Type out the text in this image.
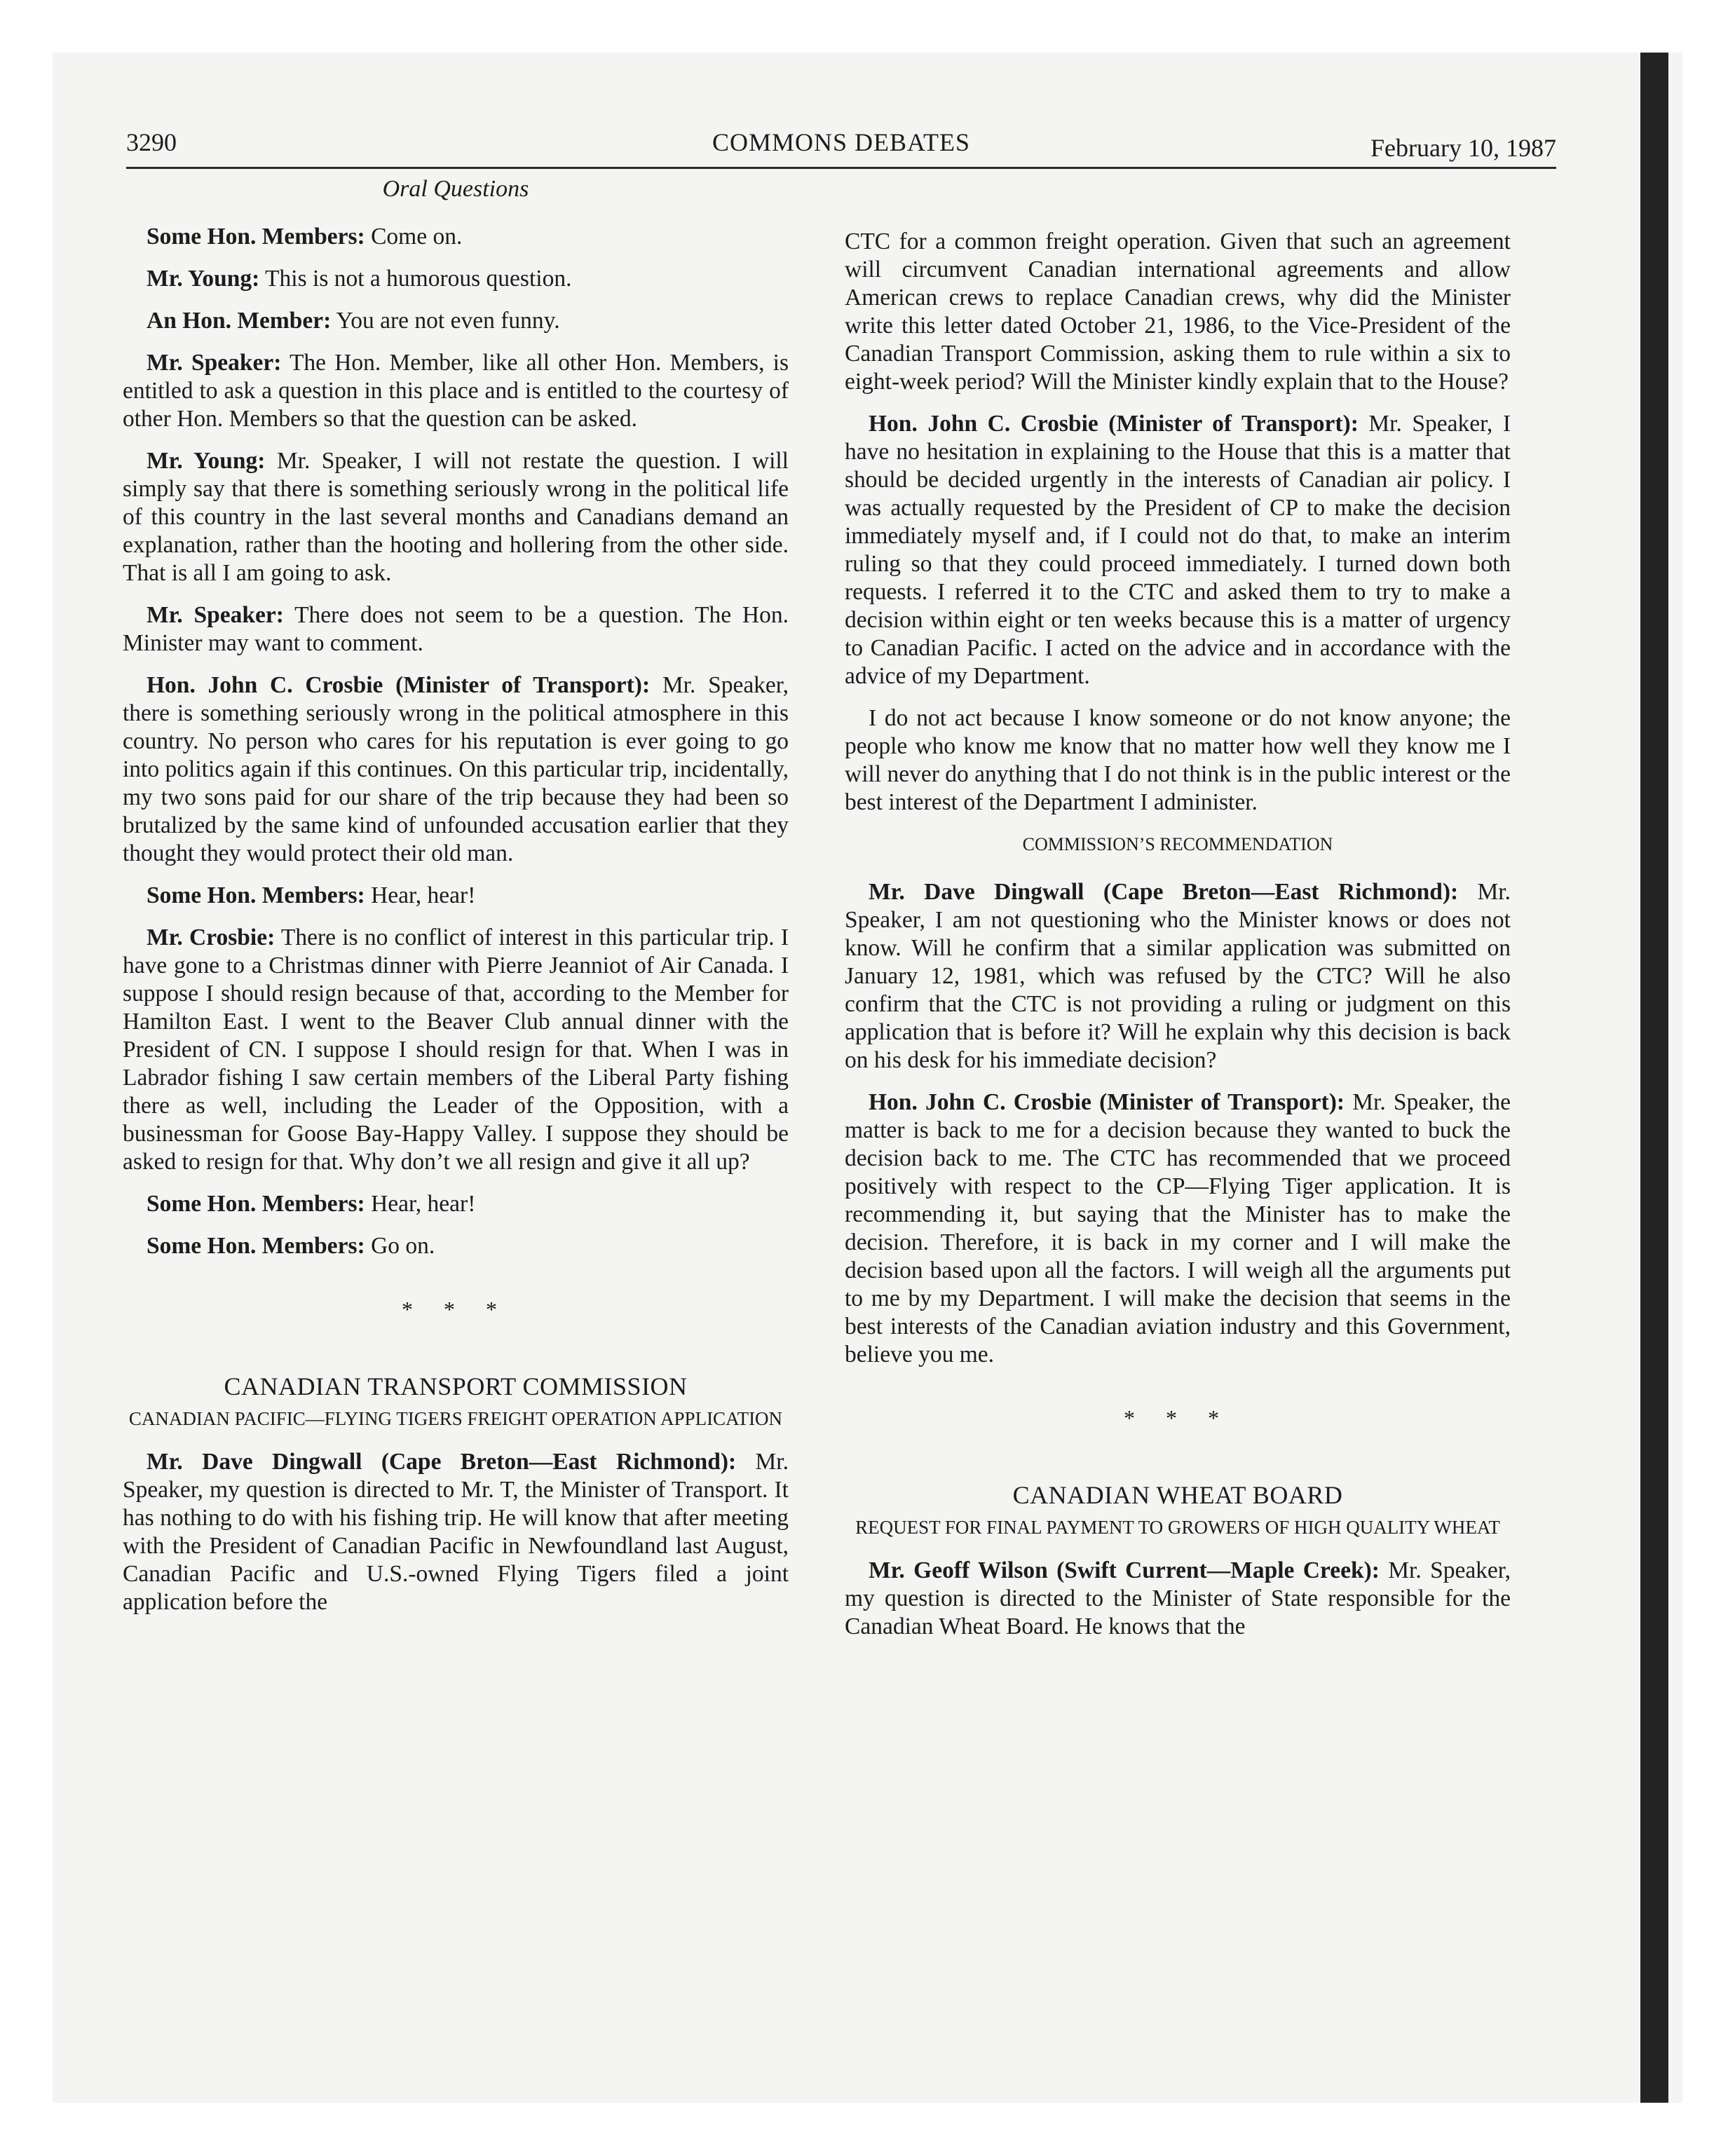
3290	COMMONS DEBATES	February 10, 1987
Oral Questions

Some Hon. Members: Come on.

Mr. Young: This is not a humorous question.

An Hon. Member: You are not even funny.

Mr. Speaker: The Hon. Member, like all other Hon. Members, is entitled to ask a question in this place and is entitled to the courtesy of other Hon. Members so that the question can be asked.

Mr. Young: Mr. Speaker, I will not restate the question. I will simply say that there is something seriously wrong in the political life of this country in the last several months and Canadians demand an explanation, rather than the hooting and hollering from the other side. That is all I am going to ask.

Mr. Speaker: There does not seem to be a question. The Hon. Minister may want to comment.

Hon. John C. Crosbie (Minister of Transport): Mr. Speaker, there is something seriously wrong in the political atmosphere in this country. No person who cares for his reputation is ever going to go into politics again if this continues. On this particular trip, incidentally, my two sons paid for our share of the trip because they had been so brutalized by the same kind of unfounded accusation earlier that they thought they would protect their old man.

Some Hon. Members: Hear, hear!

Mr. Crosbie: There is no conflict of interest in this particular trip. I have gone to a Christmas dinner with Pierre Jeanniot of Air Canada. I suppose I should resign because of that, according to the Member for Hamilton East. I went to the Beaver Club annual dinner with the President of CN. I suppose I should resign for that. When I was in Labrador fishing I saw certain members of the Liberal Party fishing there as well, including the Leader of the Opposition, with a businessman for Goose Bay-Happy Valley. I suppose they should be asked to resign for that. Why don’t we all resign and give it all up?

Some Hon. Members: Hear, hear!

Some Hon. Members: Go on.

* * *
CANADIAN TRANSPORT COMMISSION
CANADIAN PACIFIC—FLYING TIGERS FREIGHT OPERATION APPLICATION

Mr. Dave Dingwall (Cape Breton—East Richmond): Mr. Speaker, my question is directed to Mr. T, the Minister of Transport. It has nothing to do with his fishing trip. He will know that after meeting with the President of Canadian Pacific in Newfoundland last August, Canadian Pacific and U.S.-owned Flying Tigers filed a joint application before the

CTC for a common freight operation. Given that such an agreement will circumvent Canadian international agreements and allow American crews to replace Canadian crews, why did the Minister write this letter dated October 21, 1986, to the Vice-President of the Canadian Transport Commission, asking them to rule within a six to eight-week period? Will the Minister kindly explain that to the House?

Hon. John C. Crosbie (Minister of Transport): Mr. Speaker, I have no hesitation in explaining to the House that this is a matter that should be decided urgently in the interests of Canadian air policy. I was actually requested by the President of CP to make the decision immediately myself and, if I could not do that, to make an interim ruling so that they could proceed immediately. I turned down both requests. I referred it to the CTC and asked them to try to make a decision within eight or ten weeks because this is a matter of urgency to Canadian Pacific. I acted on the advice and in accordance with the advice of my Department.

I do not act because I know someone or do not know anyone; the people who know me know that no matter how well they know me I will never do anything that I do not think is in the public interest or the best interest of the Department I administer.

COMMISSION’S RECOMMENDATION

Mr. Dave Dingwall (Cape Breton—East Richmond): Mr. Speaker, I am not questioning who the Minister knows or does not know. Will he confirm that a similar application was submitted on January 12, 1981, which was refused by the CTC? Will he also confirm that the CTC is not providing a ruling or judgment on this application that is before it? Will he explain why this decision is back on his desk for his immediate decision?

Hon. John C. Crosbie (Minister of Transport): Mr. Speaker, the matter is back to me for a decision because they wanted to buck the decision back to me. The CTC has recommended that we proceed positively with respect to the CP—Flying Tiger application. It is recommending it, but saying that the Minister has to make the decision. Therefore, it is back in my corner and I will make the decision based upon all the factors. I will weigh all the arguments put to me by my Department. I will make the decision that seems in the best interests of the Canadian aviation industry and this Government, believe you me.

* * *
CANADIAN WHEAT BOARD
REQUEST FOR FINAL PAYMENT TO GROWERS OF HIGH QUALITY WHEAT

Mr. Geoff Wilson (Swift Current—Maple Creek): Mr. Speaker, my question is directed to the Minister of State responsible for the Canadian Wheat Board. He knows that the
